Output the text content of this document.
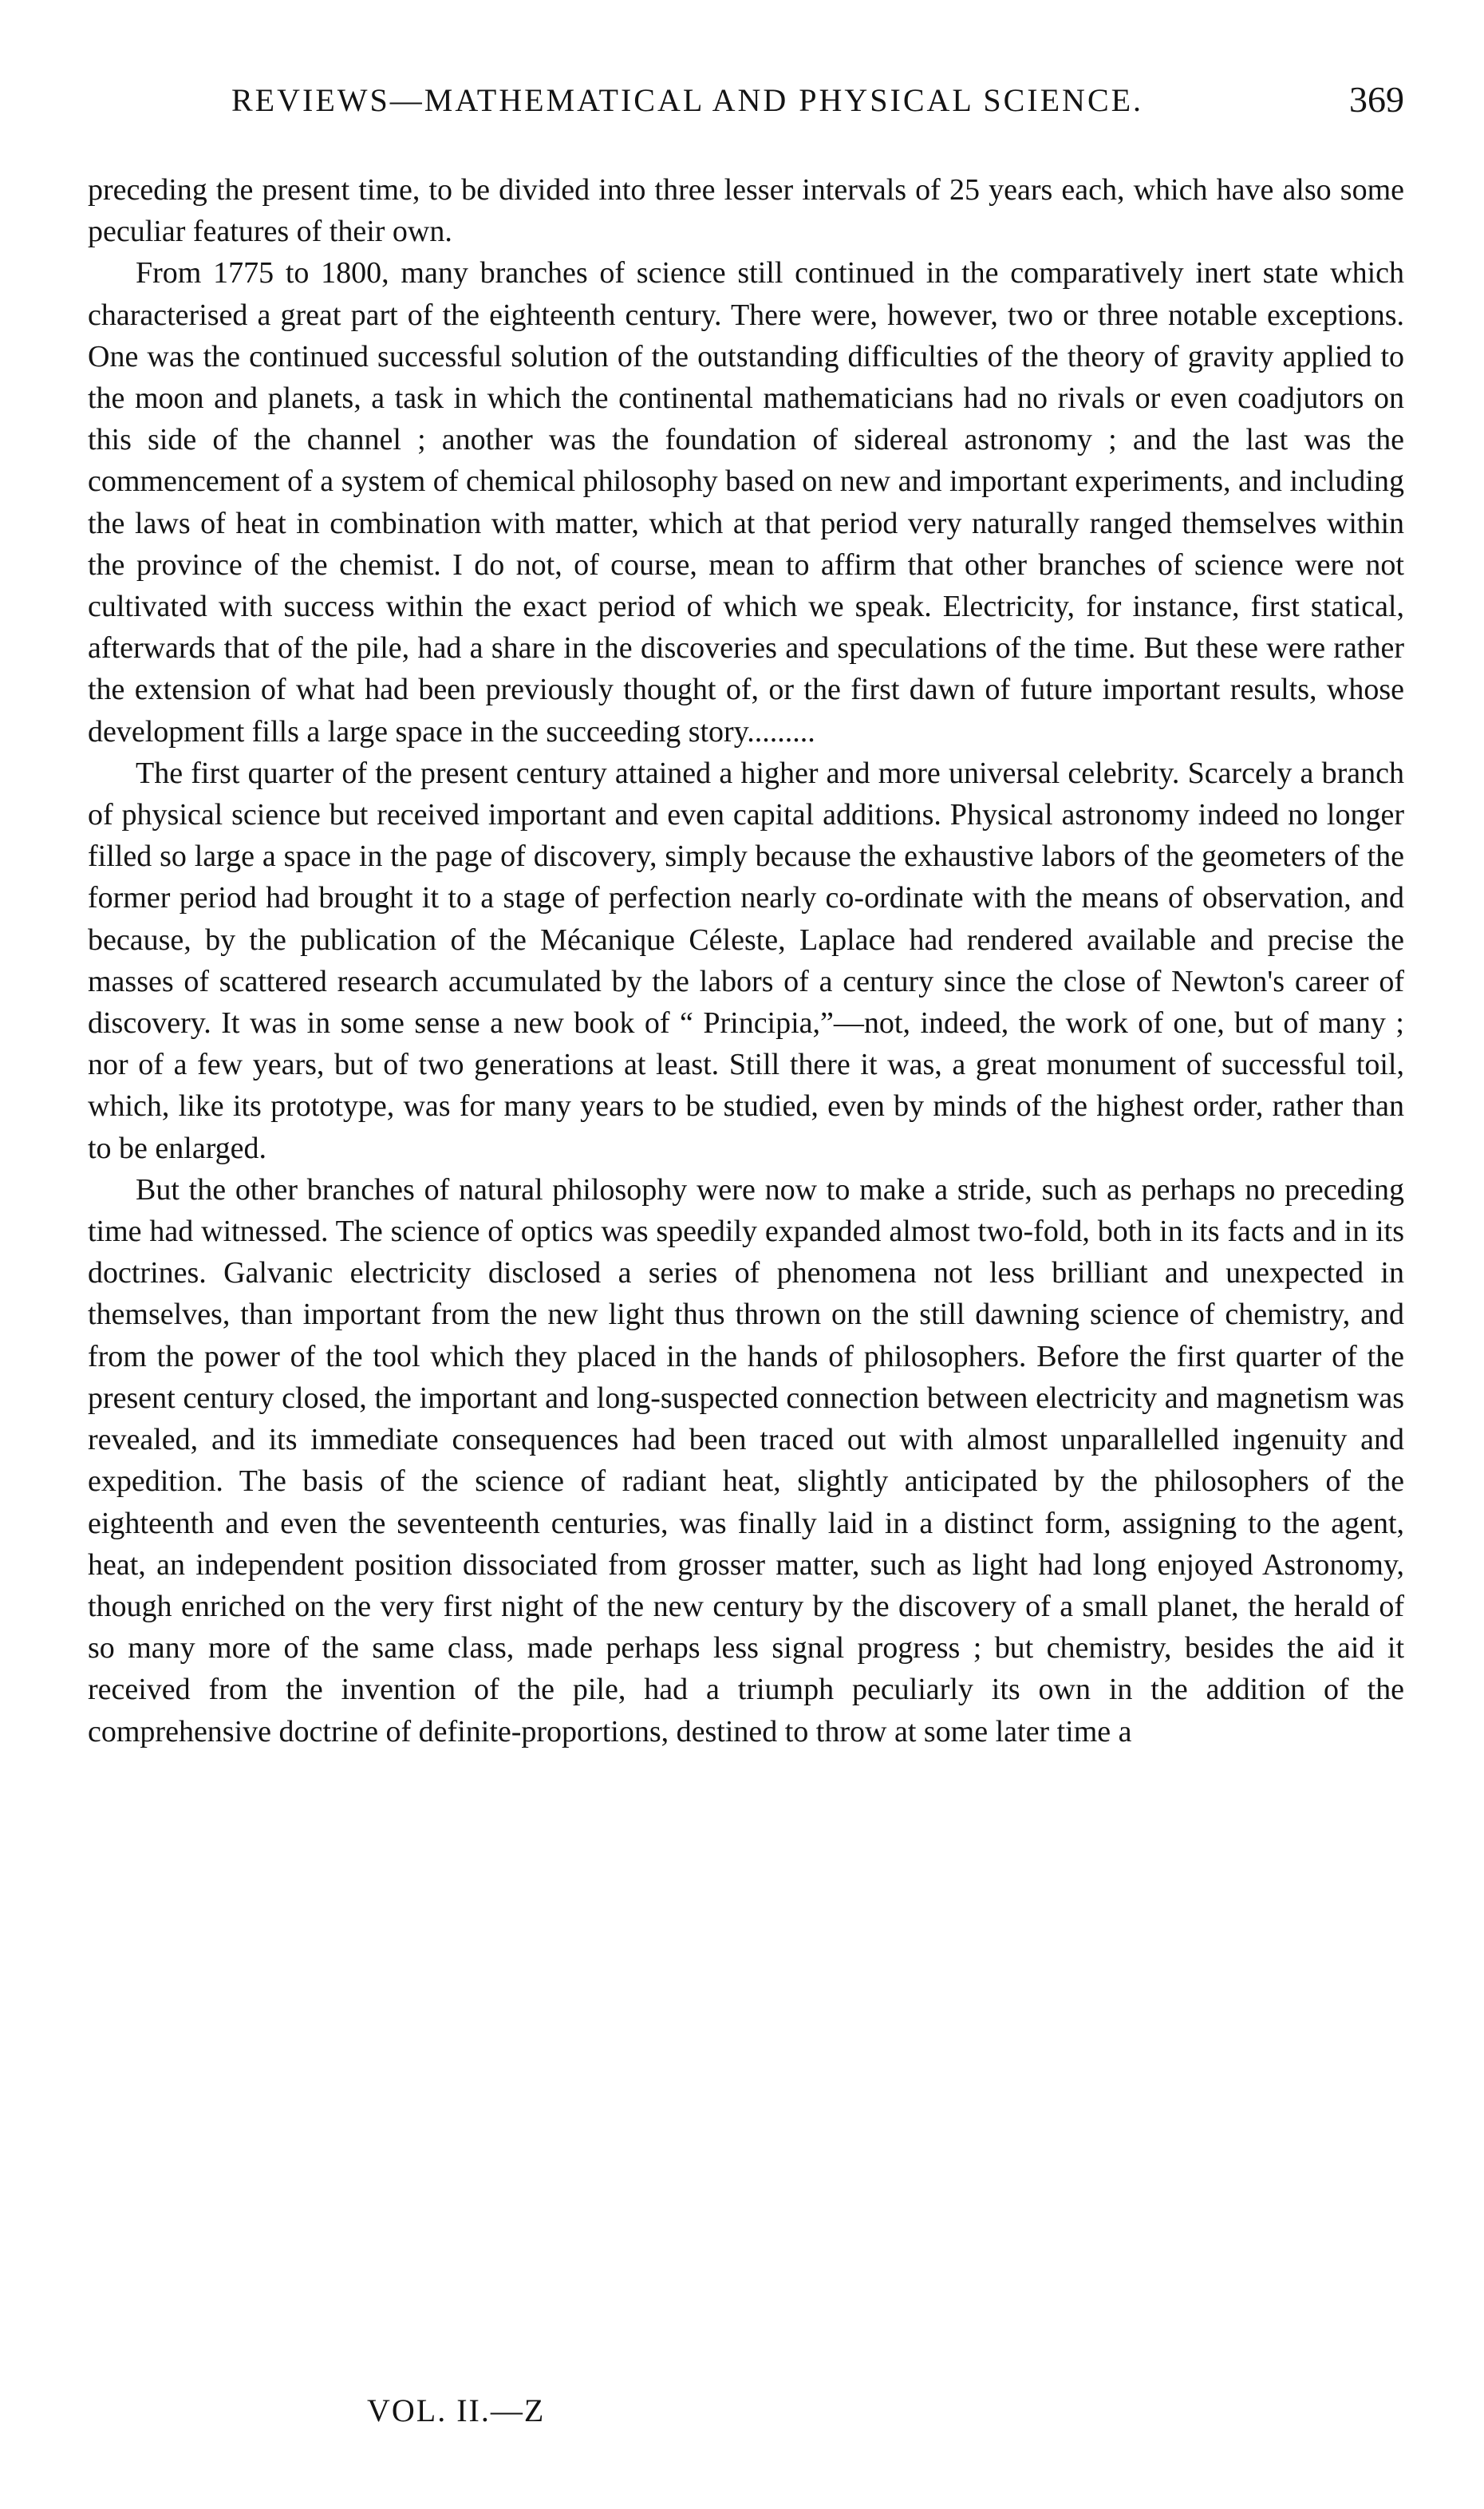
REVIEWS—MATHEMATICAL AND PHYSICAL SCIENCE.	369

preceding the present time, to be divided into three lesser intervals of 25 years each, which have also some peculiar features of their own.

From 1775 to 1800, many branches of science still continued in the comparatively inert state which characterised a great part of the eighteenth century. There were, however, two or three notable exceptions. One was the continued successful solution of the outstanding difficulties of the theory of gravity applied to the moon and planets, a task in which the continental mathematicians had no rivals or even coadjutors on this side of the channel ; another was the foundation of sidereal astronomy ; and the last was the commencement of a system of chemical philosophy based on new and important experiments, and including the laws of heat in combination with matter, which at that period very naturally ranged themselves within the province of the chemist. I do not, of course, mean to affirm that other branches of science were not cultivated with success within the exact period of which we speak. Electricity, for instance, first statical, afterwards that of the pile, had a share in the discoveries and speculations of the time. But these were rather the extension of what had been previously thought of, or the first dawn of future important results, whose development fills a large space in the succeeding story.........

The first quarter of the present century attained a higher and more universal celebrity. Scarcely a branch of physical science but received important and even capital additions. Physical astronomy indeed no longer filled so large a space in the page of discovery, simply because the exhaustive labors of the geometers of the former period had brought it to a stage of perfection nearly co-ordinate with the means of observation, and because, by the publication of the Mécanique Céleste, Laplace had rendered available and precise the masses of scattered research accumulated by the labors of a century since the close of Newton's career of discovery. It was in some sense a new book of “ Principia,”—not, indeed, the work of one, but of many ; nor of a few years, but of two generations at least. Still there it was, a great monument of successful toil, which, like its prototype, was for many years to be studied, even by minds of the highest order, rather than to be enlarged.

But the other branches of natural philosophy were now to make a stride, such as perhaps no preceding time had witnessed. The science of optics was speedily expanded almost two-fold, both in its facts and in its doctrines. Galvanic electricity disclosed a series of phenomena not less brilliant and unexpected in themselves, than important from the new light thus thrown on the still dawning science of chemistry, and from the power of the tool which they placed in the hands of philosophers. Before the first quarter of the present century closed, the important and long-suspected connection between electricity and magnetism was revealed, and its immediate consequences had been traced out with almost unparallelled ingenuity and expedition. The basis of the science of radiant heat, slightly anticipated by the philosophers of the eighteenth and even the seventeenth centuries, was finally laid in a distinct form, assigning to the agent, heat, an independent position dissociated from grosser matter, such as light had long enjoyed Astronomy, though enriched on the very first night of the new century by the discovery of a small planet, the herald of so many more of the same class, made perhaps less signal progress ; but chemistry, besides the aid it received from the invention of the pile, had a triumph peculiarly its own in the addition of the comprehensive doctrine of definite-proportions, destined to throw at some later time a

VOL. II.—Z
